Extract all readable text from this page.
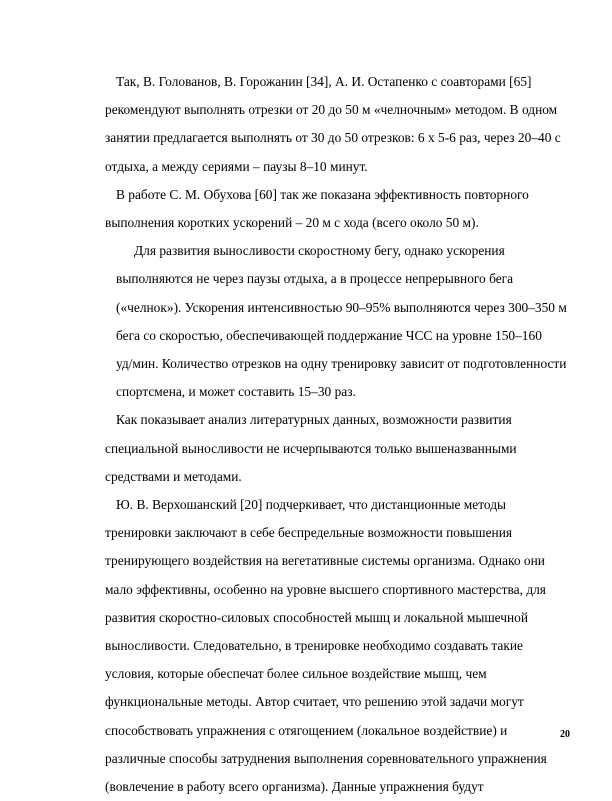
Так, В. Голованов, В. Горожанин [34], А. И. Остапенко с соавторами [65]
рекомендуют выполнять отрезки от 20 до 50 м «челночным» методом. В одном
занятии предлагается выполнять от 30 до 50 отрезков: 6 х 5-6 раз, через 20–40 с
отдыха, а между сериями – паузы 8–10 минут.
В работе С. М. Обухова [60] так же показана эффективность повторного
выполнения коротких ускорений – 20 м с хода (всего около 50 м).
Для развития выносливости скоростному бегу, однако ускорения
выполняются не через паузы отдыха, а в процессе непрерывного бега
(«челнок»). Ускорения интенсивностью 90–95% выполняются через 300–350 м
бега со скоростью, обеспечивающей поддержание ЧСС на уровне 150–160
уд/мин. Количество отрезков на одну тренировку зависит от подготовленности
спортсмена, и может составить 15–30 раз.
Как показывает анализ литературных данных, возможности развития
специальной выносливости не исчерпываются только вышеназванными
средствами и методами.
Ю. В. Верхошанский [20] подчеркивает, что дистанционные методы
тренировки заключают в себе беспредельные возможности повышения
тренирующего воздействия на вегетативные системы организма. Однако они
мало эффективны, особенно на уровне высшего спортивного мастерства, для
развития скоростно-силовых способностей мышц и локальной мышечной
выносливости. Следовательно, в тренировке необходимо создавать такие
условия, которые обеспечат более сильное воздействие мышц, чем
функциональные методы. Автор считает, что решению этой задачи могут
способствовать упражнения с отягощением (локальное воздействие) и
различные способы затруднения выполнения соревновательного упражнения
(вовлечение в работу всего организма). Данные упражнения будут
20
